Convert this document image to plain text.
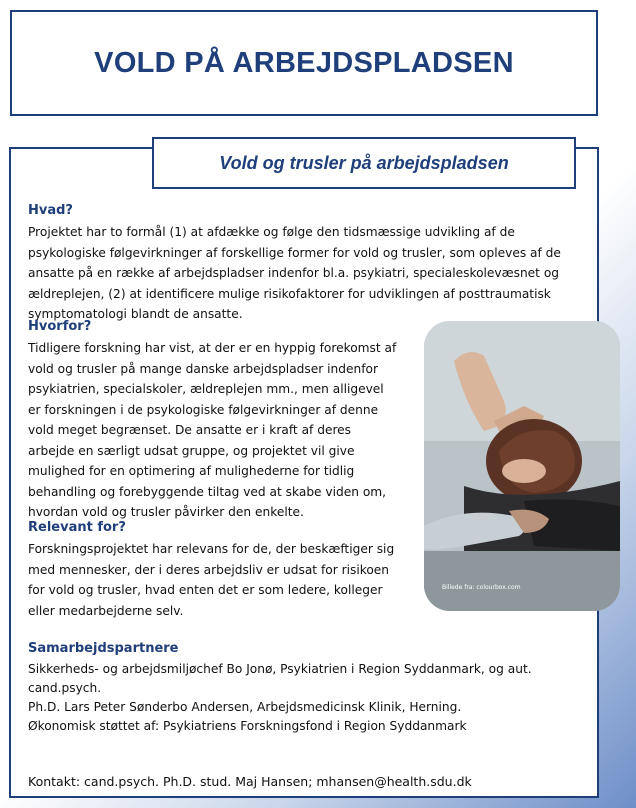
VOLD PÅ ARBEJDSPLADSEN
Vold og trusler på arbejdspladsen
Hvad?

Projektet har to formål (1) at afdække og følge den tidsmæssige udvikling af de psykologiske følgevirkninger af forskellige former for vold og trusler, som opleves af de ansatte på en række af arbejdspladser indenfor bl.a. psykiatri, specialeskolevæsnet og ældreplejen, (2) at identificere mulige risikofaktorer for udviklingen af posttraumatisk symptomatologi blandt de ansatte.

Hvorfor?

Tidligere forskning har vist, at der er en hyppig forekomst af vold og trusler på mange danske arbejdspladser indenfor psykiatrien, specialskoler, ældreplejen mm., men alligevel er forskningen i de psykologiske følgevirkninger af denne vold meget begrænset. De ansatte er i kraft af deres arbejde en særligt udsat gruppe, og projektet vil give mulighed for en optimering af mulighederne for tidlig behandling og forebyggende tiltag ved at skabe viden om, hvordan vold og trusler påvirker den enkelte.

Billede fra: colourbox.com
Relevant for?

Forskningsprojektet har relevans for de, der beskæftiger sig med mennesker, der i deres arbejdsliv er udsat for risikoen for vold og trusler, hvad enten det er som ledere, kolleger eller medarbejderne selv.

Samarbejdspartnere

Sikkerheds- og arbejdsmiljøchef Bo Jonø, Psykiatrien i Region Syddanmark, og aut. cand.psych.

Ph.D. Lars Peter Sønderbo Andersen, Arbejdsmedicinsk Klinik, Herning.

Økonomisk støttet af: Psykiatriens Forskningsfond i Region Syddanmark

Kontakt: cand.psych. Ph.D. stud. Maj Hansen; mhansen@health.sdu.dk
